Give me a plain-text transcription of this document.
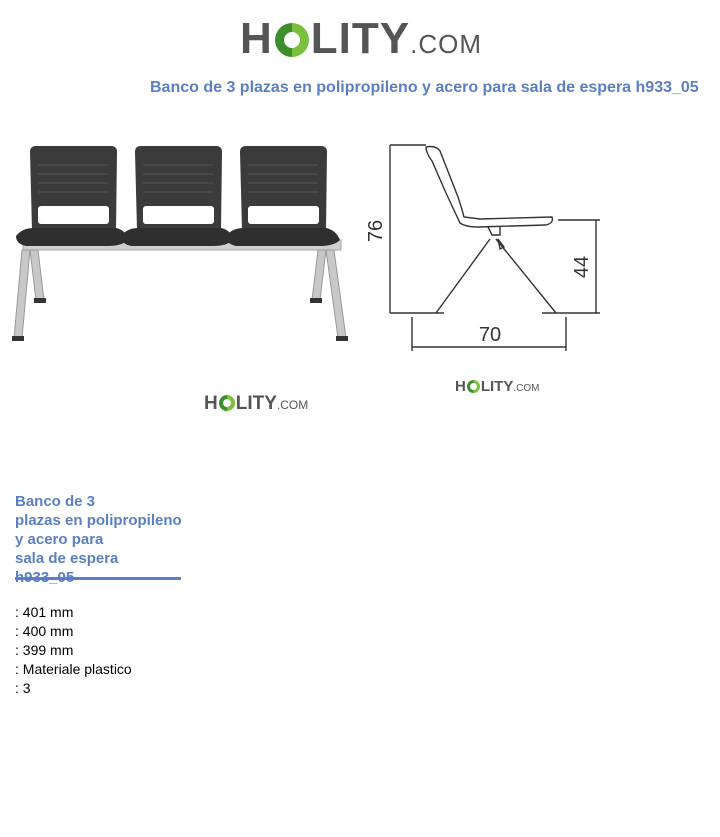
H LITY .COM
Banco de 3 plazas en polipropileno y acero para sala de espera h933_05
76
44
70
H LITY .COM
H LITY .COM
Banco de 3
plazas en polipropileno
y acero para
sala de espera
: 401 mm
: 400 mm
: 399 mm
: Materiale plastico
: 3
